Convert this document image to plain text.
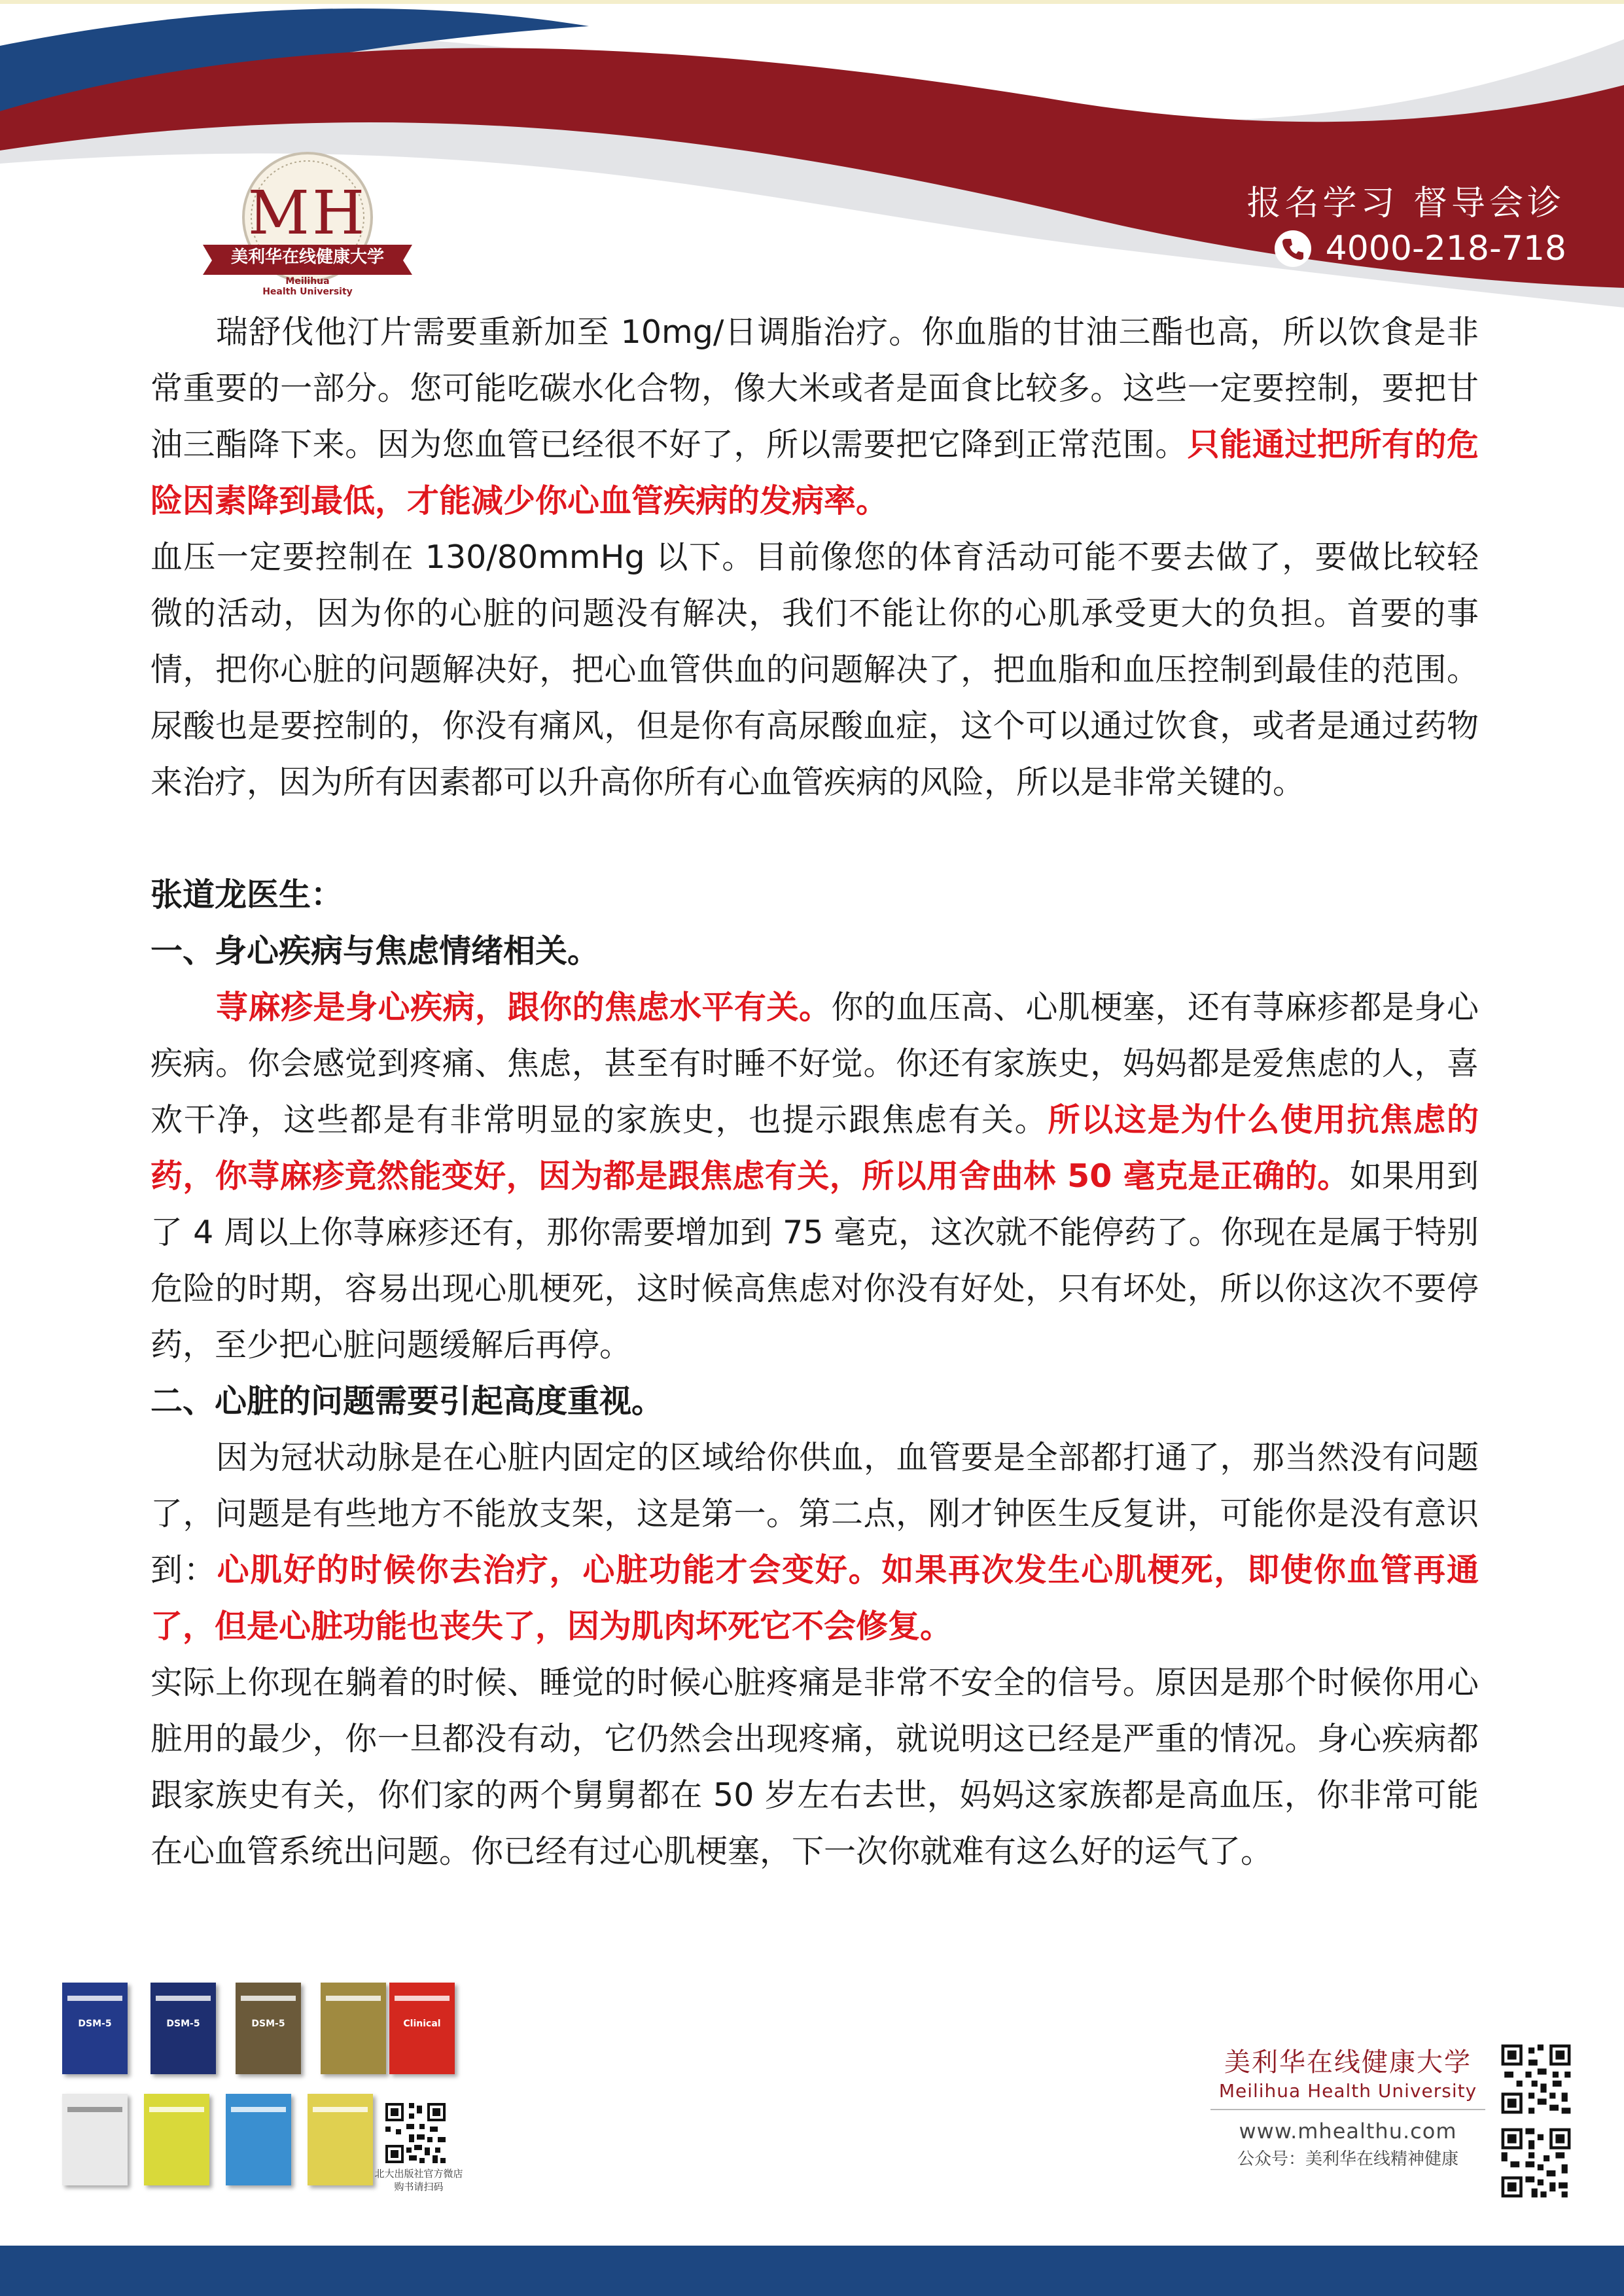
MH
美利华在线健康大学
Meilihua
Health University
报名学习 督导会诊
4000-218-718

瑞舒伐他汀片需要重新加至 10mg/日调脂治疗。你血脂的甘油三酯也高，所以饮食是非常重要的一部分。您可能吃碳水化合物，像大米或者是面食比较多。这些一定要控制，要把甘油三酯降下来。因为您血管已经很不好了，所以需要把它降到正常范围。只能通过把所有的危险因素降到最低，才能减少你心血管疾病的发病率。

血压一定要控制在 130/80mmHg 以下。目前像您的体育活动可能不要去做了，要做比较轻微的活动，因为你的心脏的问题没有解决，我们不能让你的心肌承受更大的负担。首要的事情，把你心脏的问题解决好，把心血管供血的问题解决了，把血脂和血压控制到最佳的范围。尿酸也是要控制的，你没有痛风，但是你有高尿酸血症，这个可以通过饮食，或者是通过药物来治疗，因为所有因素都可以升高你所有心血管疾病的风险，所以是非常关键的。

张道龙医生：

一、身心疾病与焦虑情绪相关。

荨麻疹是身心疾病，跟你的焦虑水平有关。你的血压高、心肌梗塞，还有荨麻疹都是身心疾病。你会感觉到疼痛、焦虑，甚至有时睡不好觉。你还有家族史，妈妈都是爱焦虑的人，喜欢干净，这些都是有非常明显的家族史，也提示跟焦虑有关。所以这是为什么使用抗焦虑的药，你荨麻疹竟然能变好，因为都是跟焦虑有关，所以用舍曲林 50 毫克是正确的。如果用到了 4 周以上你荨麻疹还有，那你需要增加到 75 毫克，这次就不能停药了。你现在是属于特别危险的时期，容易出现心肌梗死，这时候高焦虑对你没有好处，只有坏处，所以你这次不要停药，至少把心脏问题缓解后再停。

二、心脏的问题需要引起高度重视。

因为冠状动脉是在心脏内固定的区域给你供血，血管要是全部都打通了，那当然没有问题了，问题是有些地方不能放支架，这是第一。第二点，刚才钟医生反复讲，可能你是没有意识到：心肌好的时候你去治疗，心脏功能才会变好。如果再次发生心肌梗死，即使你血管再通了，但是心脏功能也丧失了，因为肌肉坏死它不会修复。

实际上你现在躺着的时候、睡觉的时候心脏疼痛是非常不安全的信号。原因是那个时候你用心脏用的最少，你一旦都没有动，它仍然会出现疼痛，就说明这已经是严重的情况。身心疾病都跟家族史有关，你们家的两个舅舅都在 50 岁左右去世，妈妈这家族都是高血压，你非常可能在心血管系统出问题。你已经有过心肌梗塞，下一次你就难有这么好的运气了。

DSM-5	DSM-5	DSM-5	Clinical
北大出版社官方微店
购书请扫码
美利华在线健康大学
Meilihua Health University
www.mhealthu.com
公众号：美利华在线精神健康
